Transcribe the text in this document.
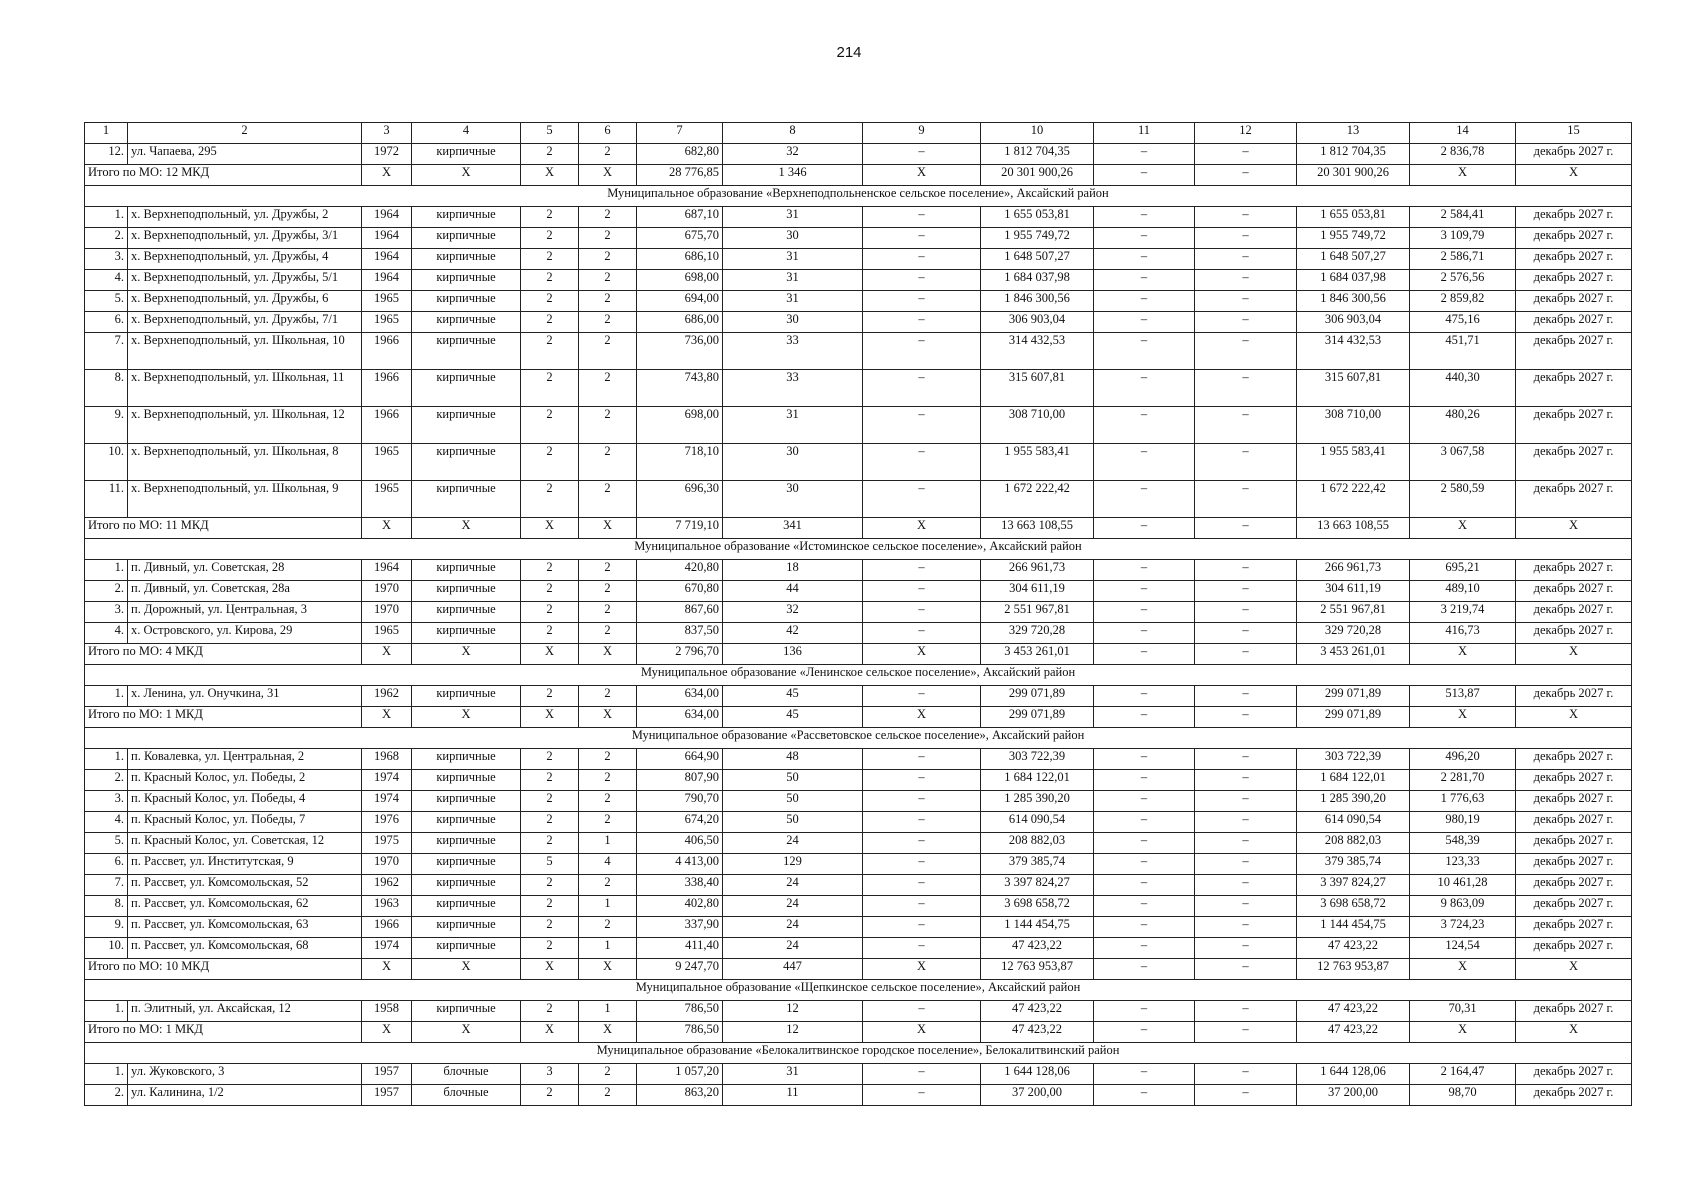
214
1	2	3	4	5	6	7	8	9	10	11	12	13	14	15
12.	ул. Чапаева, 295	1972	кирпичные	2	2	682,80	32	–	1 812 704,35	–	–	1 812 704,35	2 836,78	декабрь 2027 г.
Итого по МО: 12 МКД		X	X	X	X	28 776,85	1 346	X	20 301 900,26	–	–	20 301 900,26	X	X
Муниципальное образование «Верхнеподпольненское сельское поселение», Аксайский район														
1.	х. Верхнеподпольный, ул. Дружбы, 2	1964	кирпичные	2	2	687,10	31	–	1 655 053,81	–	–	1 655 053,81	2 584,41	декабрь 2027 г.
2.	х. Верхнеподпольный, ул. Дружбы, 3/1	1964	кирпичные	2	2	675,70	30	–	1 955 749,72	–	–	1 955 749,72	3 109,79	декабрь 2027 г.
3.	х. Верхнеподпольный, ул. Дружбы, 4	1964	кирпичные	2	2	686,10	31	–	1 648 507,27	–	–	1 648 507,27	2 586,71	декабрь 2027 г.
4.	х. Верхнеподпольный, ул. Дружбы, 5/1	1964	кирпичные	2	2	698,00	31	–	1 684 037,98	–	–	1 684 037,98	2 576,56	декабрь 2027 г.
5.	х. Верхнеподпольный, ул. Дружбы, 6	1965	кирпичные	2	2	694,00	31	–	1 846 300,56	–	–	1 846 300,56	2 859,82	декабрь 2027 г.
6.	х. Верхнеподпольный, ул. Дружбы, 7/1	1965	кирпичные	2	2	686,00	30	–	306 903,04	–	–	306 903,04	475,16	декабрь 2027 г.
7.	х. Верхнеподпольный, ул. Школьная, 10	1966	кирпичные	2	2	736,00	33	–	314 432,53	–	–	314 432,53	451,71	декабрь 2027 г.
8.	х. Верхнеподпольный, ул. Школьная, 11	1966	кирпичные	2	2	743,80	33	–	315 607,81	–	–	315 607,81	440,30	декабрь 2027 г.
9.	х. Верхнеподпольный, ул. Школьная, 12	1966	кирпичные	2	2	698,00	31	–	308 710,00	–	–	308 710,00	480,26	декабрь 2027 г.
10.	х. Верхнеподпольный, ул. Школьная, 8	1965	кирпичные	2	2	718,10	30	–	1 955 583,41	–	–	1 955 583,41	3 067,58	декабрь 2027 г.
11.	х. Верхнеподпольный, ул. Школьная, 9	1965	кирпичные	2	2	696,30	30	–	1 672 222,42	–	–	1 672 222,42	2 580,59	декабрь 2027 г.
Итого по МО: 11 МКД		X	X	X	X	7 719,10	341	X	13 663 108,55	–	–	13 663 108,55	X	X
Муниципальное образование «Истоминское сельское поселение», Аксайский район														
1.	п. Дивный, ул. Советская, 28	1964	кирпичные	2	2	420,80	18	–	266 961,73	–	–	266 961,73	695,21	декабрь 2027 г.
2.	п. Дивный, ул. Советская, 28а	1970	кирпичные	2	2	670,80	44	–	304 611,19	–	–	304 611,19	489,10	декабрь 2027 г.
3.	п. Дорожный, ул. Центральная, 3	1970	кирпичные	2	2	867,60	32	–	2 551 967,81	–	–	2 551 967,81	3 219,74	декабрь 2027 г.
4.	х. Островского, ул. Кирова, 29	1965	кирпичные	2	2	837,50	42	–	329 720,28	–	–	329 720,28	416,73	декабрь 2027 г.
Итого по МО: 4 МКД		X	X	X	X	2 796,70	136	X	3 453 261,01	–	–	3 453 261,01	X	X
Муниципальное образование «Ленинское сельское поселение», Аксайский район														
1.	х. Ленина, ул. Онучкина, 31	1962	кирпичные	2	2	634,00	45	–	299 071,89	–	–	299 071,89	513,87	декабрь 2027 г.
Итого по МО: 1 МКД		X	X	X	X	634,00	45	X	299 071,89	–	–	299 071,89	X	X
Муниципальное образование «Рассветовское сельское поселение», Аксайский район														
1.	п. Ковалевка, ул. Центральная, 2	1968	кирпичные	2	2	664,90	48	–	303 722,39	–	–	303 722,39	496,20	декабрь 2027 г.
2.	п. Красный Колос, ул. Победы, 2	1974	кирпичные	2	2	807,90	50	–	1 684 122,01	–	–	1 684 122,01	2 281,70	декабрь 2027 г.
3.	п. Красный Колос, ул. Победы, 4	1974	кирпичные	2	2	790,70	50	–	1 285 390,20	–	–	1 285 390,20	1 776,63	декабрь 2027 г.
4.	п. Красный Колос, ул. Победы, 7	1976	кирпичные	2	2	674,20	50	–	614 090,54	–	–	614 090,54	980,19	декабрь 2027 г.
5.	п. Красный Колос, ул. Советская, 12	1975	кирпичные	2	1	406,50	24	–	208 882,03	–	–	208 882,03	548,39	декабрь 2027 г.
6.	п. Рассвет, ул. Институтская, 9	1970	кирпичные	5	4	4 413,00	129	–	379 385,74	–	–	379 385,74	123,33	декабрь 2027 г.
7.	п. Рассвет, ул. Комсомольская, 52	1962	кирпичные	2	2	338,40	24	–	3 397 824,27	–	–	3 397 824,27	10 461,28	декабрь 2027 г.
8.	п. Рассвет, ул. Комсомольская, 62	1963	кирпичные	2	1	402,80	24	–	3 698 658,72	–	–	3 698 658,72	9 863,09	декабрь 2027 г.
9.	п. Рассвет, ул. Комсомольская, 63	1966	кирпичные	2	2	337,90	24	–	1 144 454,75	–	–	1 144 454,75	3 724,23	декабрь 2027 г.
10.	п. Рассвет, ул. Комсомольская, 68	1974	кирпичные	2	1	411,40	24	–	47 423,22	–	–	47 423,22	124,54	декабрь 2027 г.
Итого по МО: 10 МКД		X	X	X	X	9 247,70	447	X	12 763 953,87	–	–	12 763 953,87	X	X
Муниципальное образование «Щепкинское сельское поселение», Аксайский район														
1.	п. Элитный, ул. Аксайская, 12	1958	кирпичные	2	1	786,50	12	–	47 423,22	–	–	47 423,22	70,31	декабрь 2027 г.
Итого по МО: 1 МКД		X	X	X	X	786,50	12	X	47 423,22	–	–	47 423,22	X	X
Муниципальное образование «Белокалитвинское городское поселение», Белокалитвинский район														
1.	ул. Жуковского, 3	1957	блочные	3	2	1 057,20	31	–	1 644 128,06	–	–	1 644 128,06	2 164,47	декабрь 2027 г.
2.	ул. Калинина, 1/2	1957	блочные	2	2	863,20	11	–	37 200,00	–	–	37 200,00	98,70	декабрь 2027 г.
